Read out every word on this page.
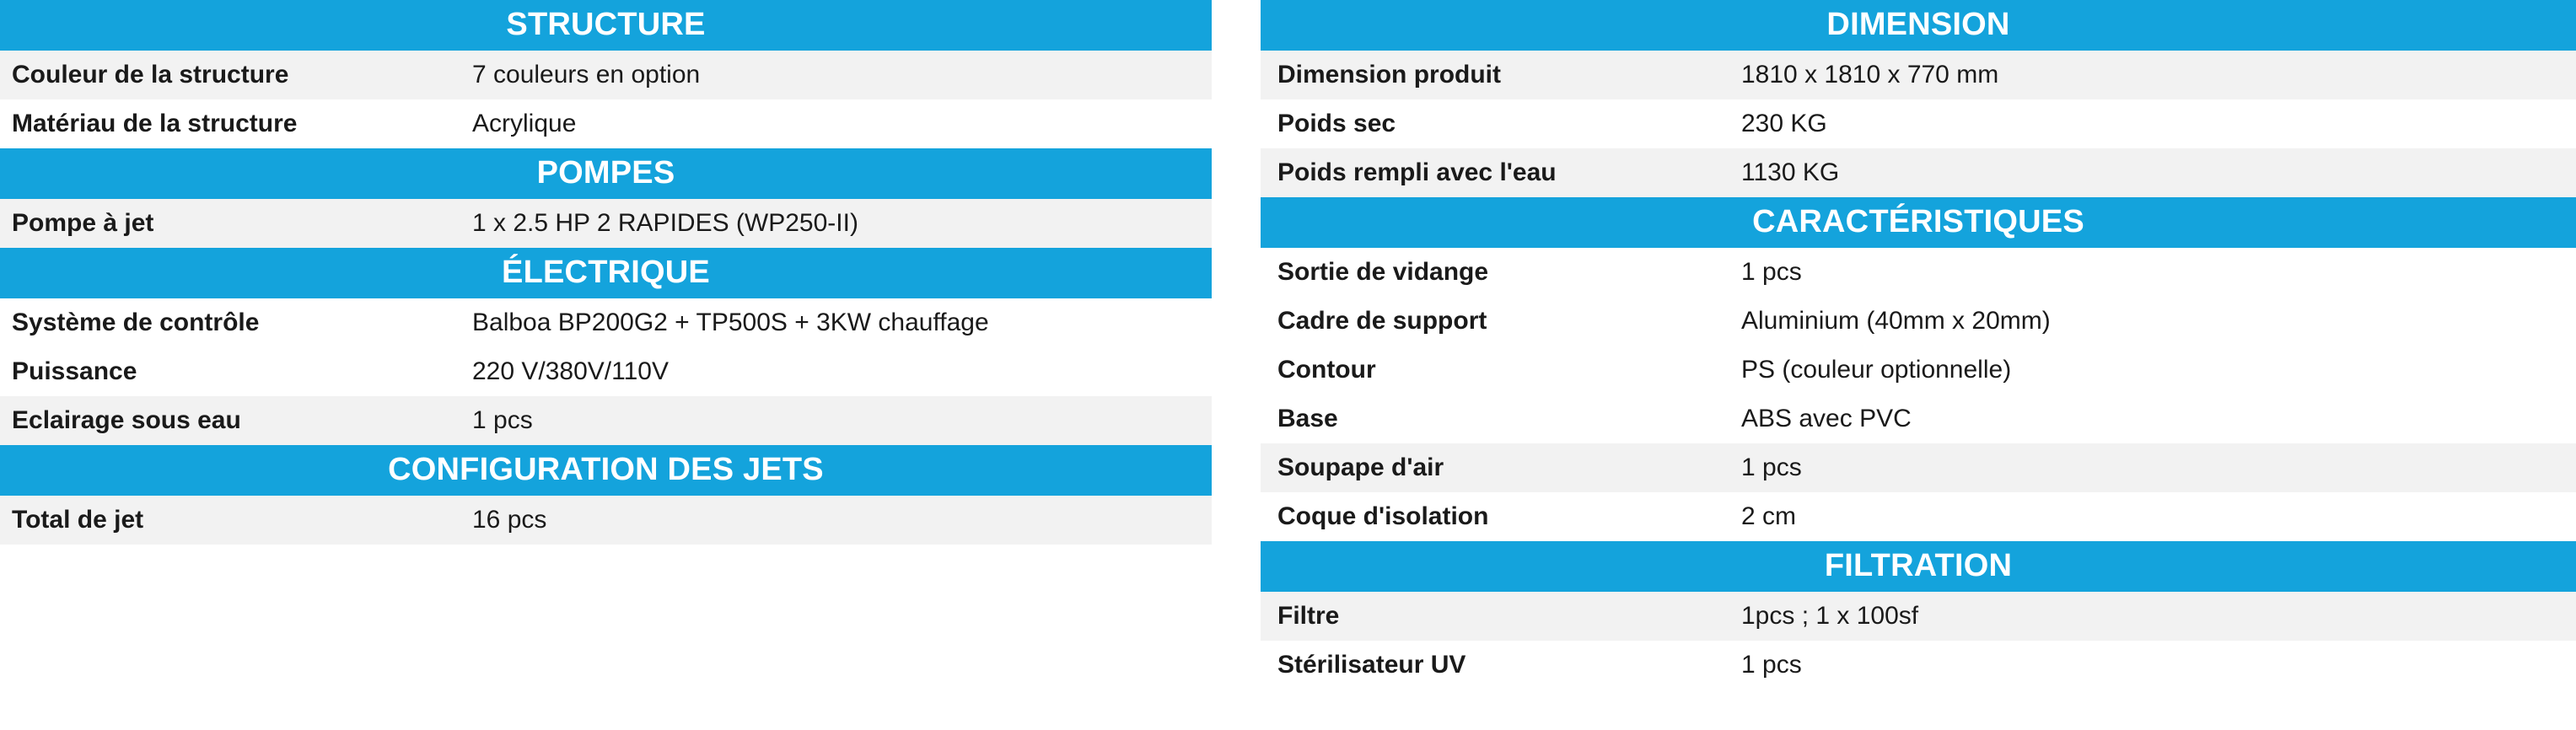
STRUCTURE
Couleur de la structure	7 couleurs en option
Matériau de la structure	Acrylique
POMPES
Pompe à jet	1 x 2.5 HP 2 RAPIDES (WP250-II)
ÉLECTRIQUE
Système de contrôle	Balboa BP200G2 + TP500S + 3KW chauffage
Puissance	220 V/380V/110V
Eclairage sous eau	1 pcs
CONFIGURATION DES JETS
Total de jet	16 pcs
DIMENSION
Dimension produit	1810 x 1810 x 770 mm
Poids sec	230 KG
Poids rempli avec l'eau	1130 KG
CARACTÉRISTIQUES
Sortie de vidange	1 pcs
Cadre de support	Aluminium (40mm x 20mm)
Contour	PS (couleur optionnelle)
Base	ABS avec PVC
Soupape d'air	1 pcs
Coque d'isolation	2 cm
FILTRATION
Filtre	1pcs ; 1 x 100sf
Stérilisateur UV	1 pcs
